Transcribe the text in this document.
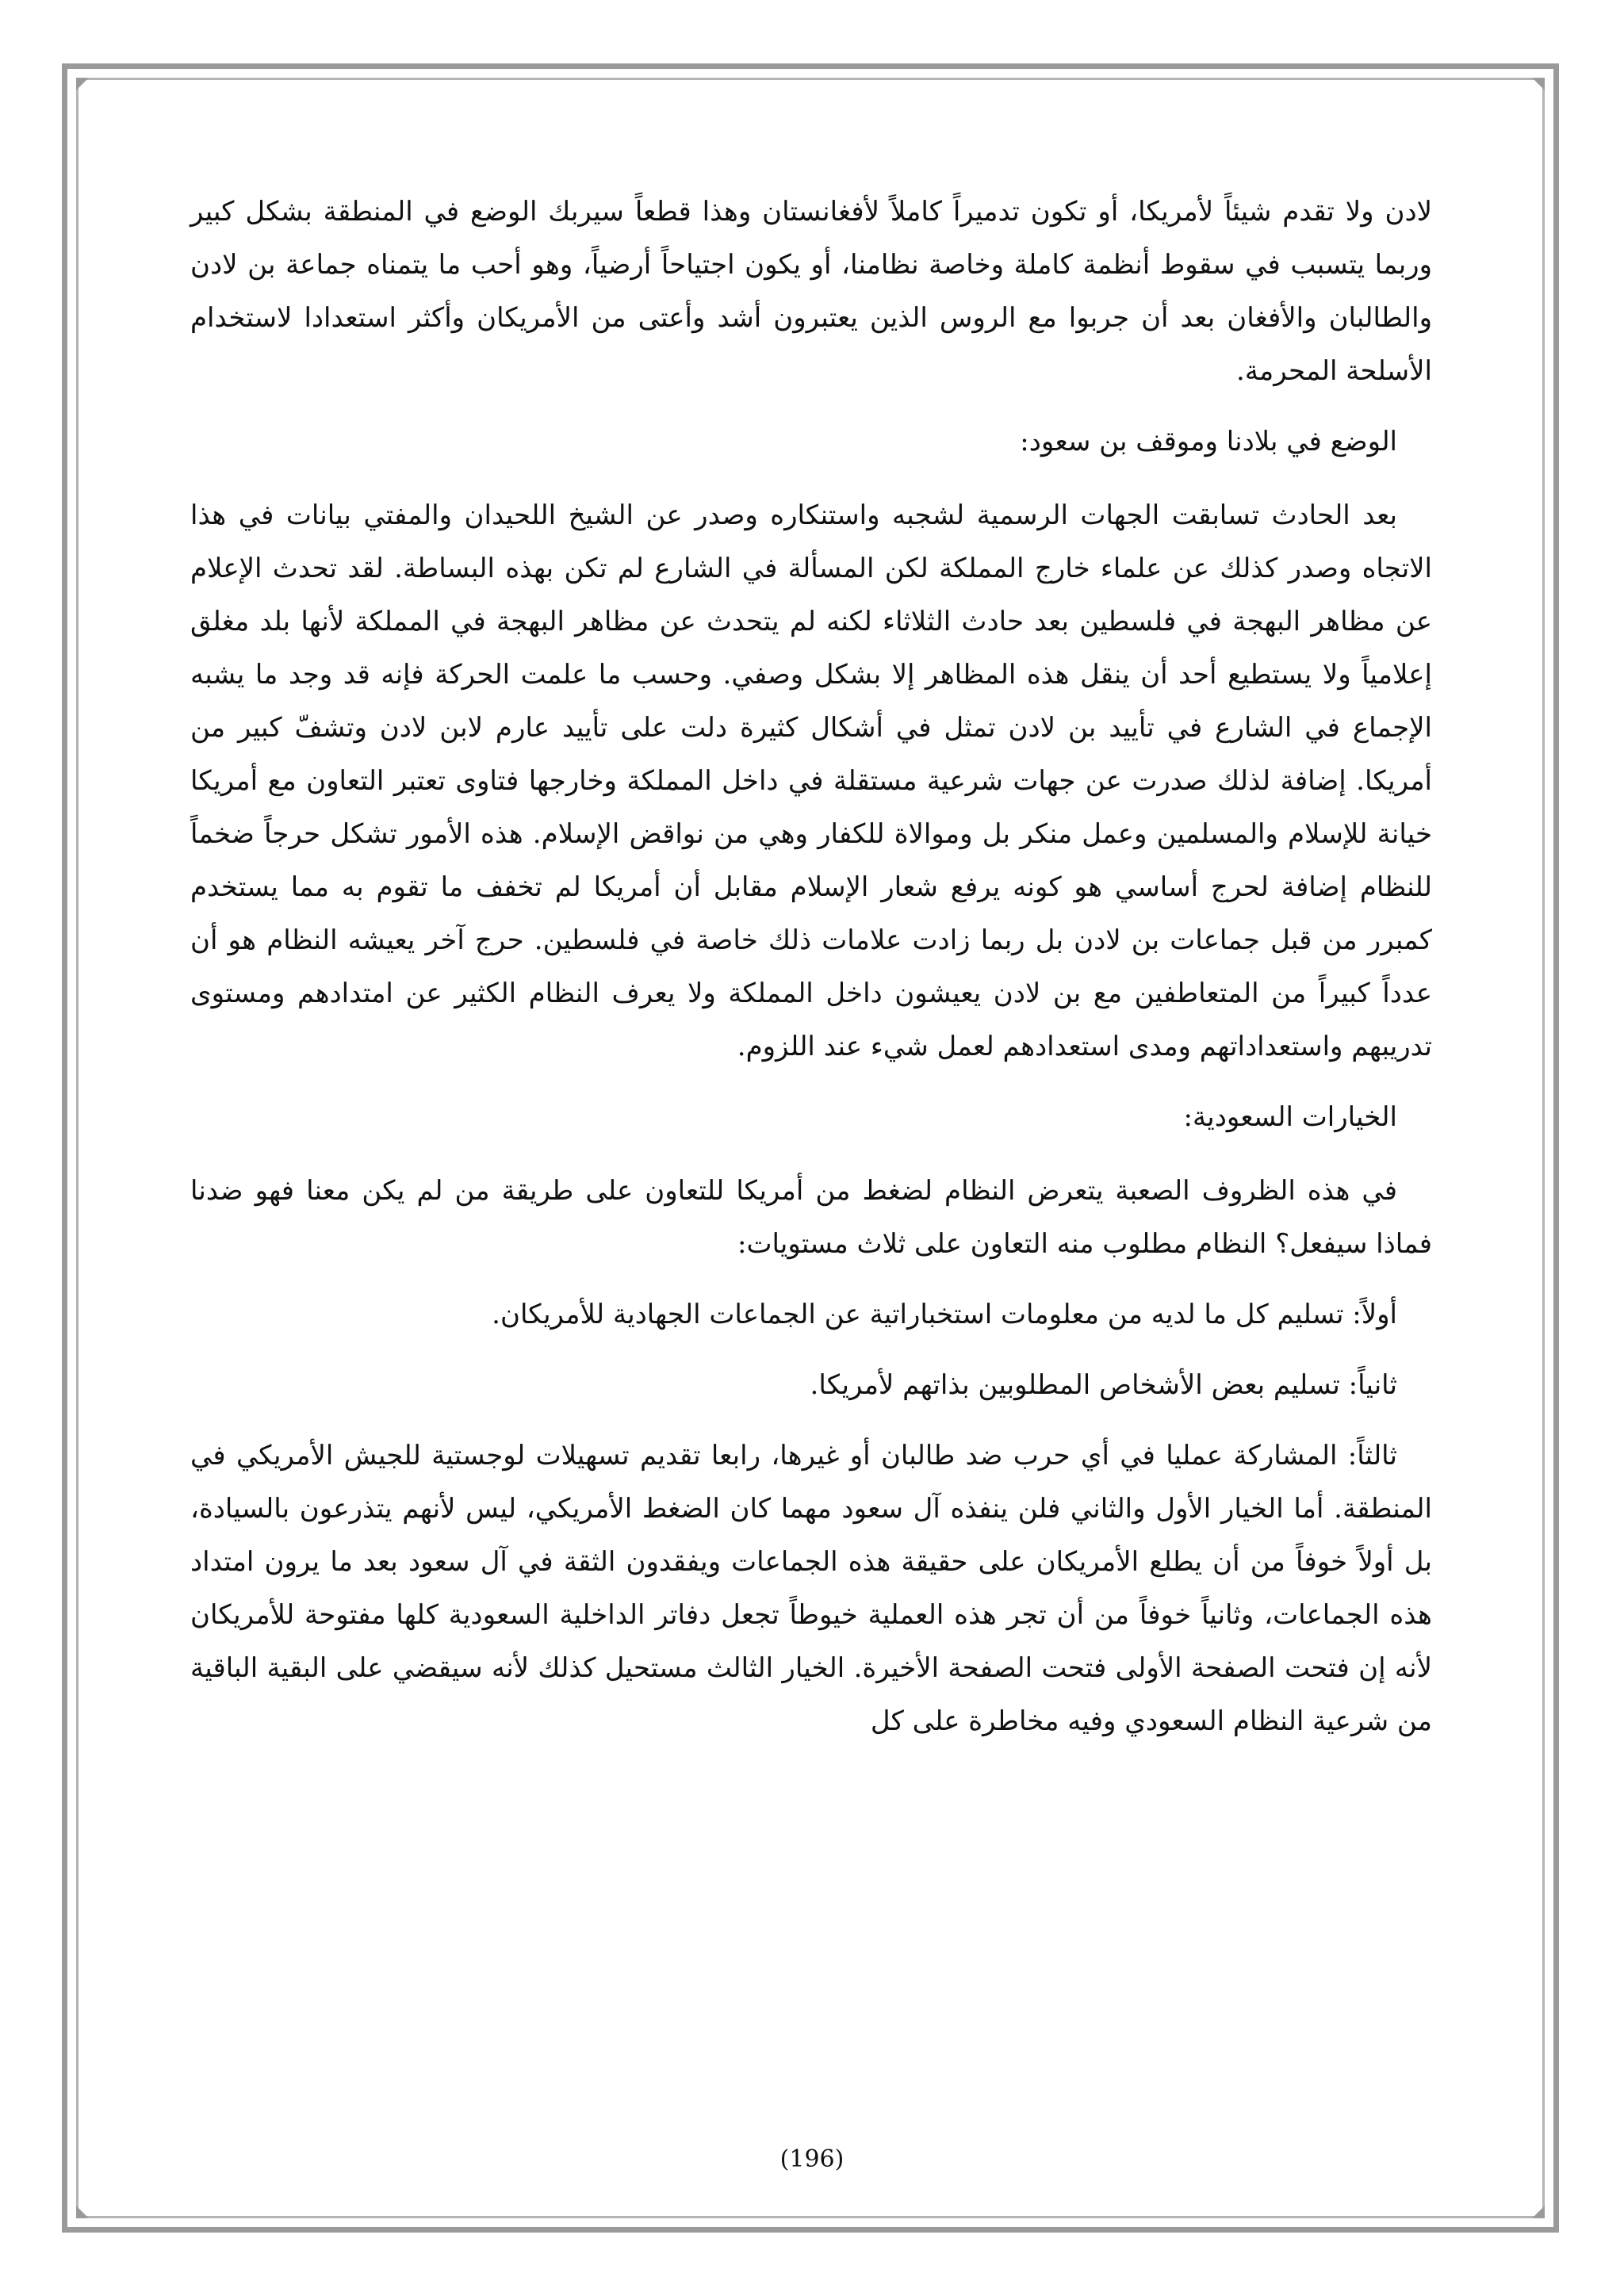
لادن ولا تقدم شيئاً لأمريكا، أو تكون تدميراً كاملاً لأفغانستان وهذا قطعاً سيربك الوضع في المنطقة بشكل كبير وربما يتسبب في سقوط أنظمة كاملة وخاصة نظامنا، أو يكون اجتياحاً أرضياً، وهو أحب ما يتمناه جماعة بن لادن والطالبان والأفغان بعد أن جربوا مع الروس الذين يعتبرون أشد وأعتى من الأمريكان وأكثر استعدادا لاستخدام الأسلحة المحرمة.

الوضع في بلادنا وموقف بن سعود:

بعد الحادث تسابقت الجهات الرسمية لشجبه واستنكاره وصدر عن الشيخ اللحيدان والمفتي بيانات في هذا الاتجاه وصدر كذلك عن علماء خارج المملكة لكن المسألة في الشارع لم تكن بهذه البساطة. لقد تحدث الإعلام عن مظاهر البهجة في فلسطين بعد حادث الثلاثاء لكنه لم يتحدث عن مظاهر البهجة في المملكة لأنها بلد مغلق إعلامياً ولا يستطيع أحد أن ينقل هذه المظاهر إلا بشكل وصفي. وحسب ما علمت الحركة فإنه قد وجد ما يشبه الإجماع في الشارع في تأييد بن لادن تمثل في أشكال كثيرة دلت على تأييد عارم لابن لادن وتشفّ كبير من أمريكا. إضافة لذلك صدرت عن جهات شرعية مستقلة في داخل المملكة وخارجها فتاوى تعتبر التعاون مع أمريكا خيانة للإسلام والمسلمين وعمل منكر بل وموالاة للكفار وهي من نواقض الإسلام. هذه الأمور تشكل حرجاً ضخماً للنظام إضافة لحرج أساسي هو كونه يرفع شعار الإسلام مقابل أن أمريكا لم تخفف ما تقوم به مما يستخدم كمبرر من قبل جماعات بن لادن بل ربما زادت علامات ذلك خاصة في فلسطين. حرج آخر يعيشه النظام هو أن عدداً كبيراً من المتعاطفين مع بن لادن يعيشون داخل المملكة ولا يعرف النظام الكثير عن امتدادهم ومستوى تدريبهم واستعداداتهم ومدى استعدادهم لعمل شيء عند اللزوم.

الخيارات السعودية:

في هذه الظروف الصعبة يتعرض النظام لضغط من أمريكا للتعاون على طريقة من لم يكن معنا فهو ضدنا فماذا سيفعل؟ النظام مطلوب منه التعاون على ثلاث مستويات:

أولاً: تسليم كل ما لديه من معلومات استخباراتية عن الجماعات الجهادية للأمريكان.

ثانياً: تسليم بعض الأشخاص المطلوبين بذاتهم لأمريكا.

ثالثاً: المشاركة عمليا في أي حرب ضد طالبان أو غيرها، رابعا تقديم تسهيلات لوجستية للجيش الأمريكي في المنطقة. أما الخيار الأول والثاني فلن ينفذه آل سعود مهما كان الضغط الأمريكي، ليس لأنهم يتذرعون بالسيادة، بل أولاً خوفاً من أن يطلع الأمريكان على حقيقة هذه الجماعات ويفقدون الثقة في آل سعود بعد ما يرون امتداد هذه الجماعات، وثانياً خوفاً من أن تجر هذه العملية خيوطاً تجعل دفاتر الداخلية السعودية كلها مفتوحة للأمريكان لأنه إن فتحت الصفحة الأولى فتحت الصفحة الأخيرة. الخيار الثالث مستحيل كذلك لأنه سيقضي على البقية الباقية من شرعية النظام السعودي وفيه مخاطرة على كل

(196)
